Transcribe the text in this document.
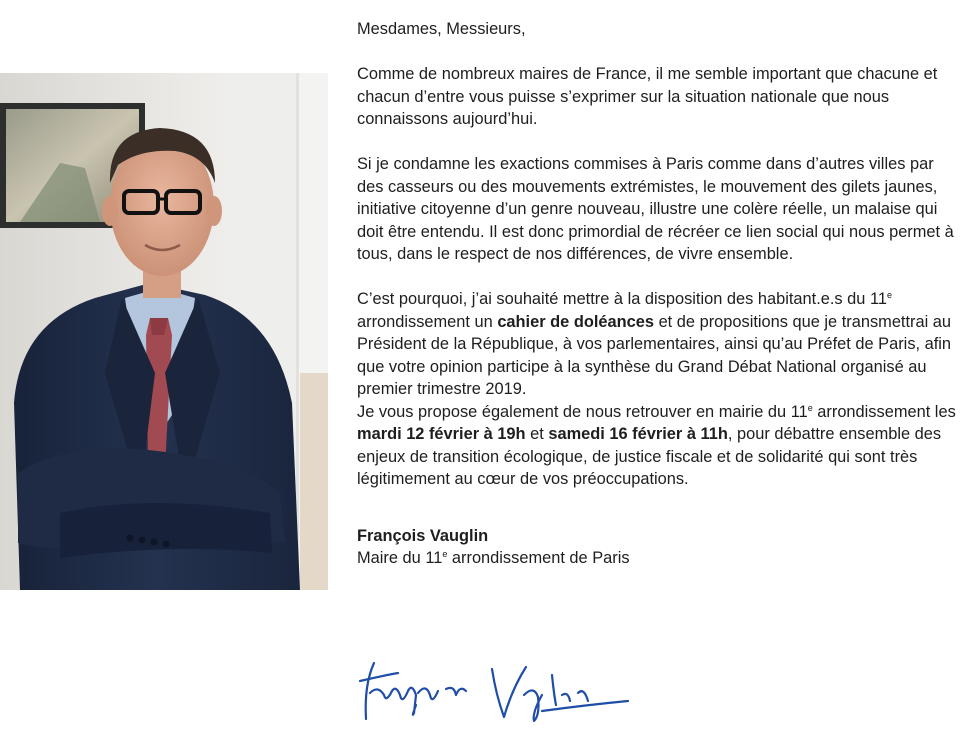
Mesdames, Messieurs,

Comme de nombreux maires de France, il me semble important que chacune et chacun d’entre vous puisse s’exprimer sur la situation nationale que nous connaissons aujourd’hui.

Si je condamne les exactions commises à Paris comme dans d’autres villes par des casseurs ou des mouvements extrémistes, le mouvement des gilets jaunes, initiative citoyenne d’un genre nouveau, illustre une colère réelle, un malaise qui doit être entendu. Il est donc primordial de récréer ce lien social qui nous permet à tous, dans le respect de nos différences, de vivre ensemble.

C’est pourquoi, j’ai souhaité mettre à la disposition des habitant.e.s du 11e arrondissement un cahier de doléances et de propositions que je transmettrai au Président de la République, à vos parlementaires, ainsi qu’au Préfet de Paris, afin que votre opinion participe à la synthèse du Grand Débat National organisé au premier trimestre 2019.

Je vous propose également de nous retrouver en mairie du 11e arrondissement les mardi 12 février à 19h et samedi 16 février à 11h, pour débattre ensemble des enjeux de transition écologique, de justice fiscale et de solidarité qui sont très légitimement au cœur de vos préoccupations.

François Vauglin

Maire du 11e arrondissement de Paris
